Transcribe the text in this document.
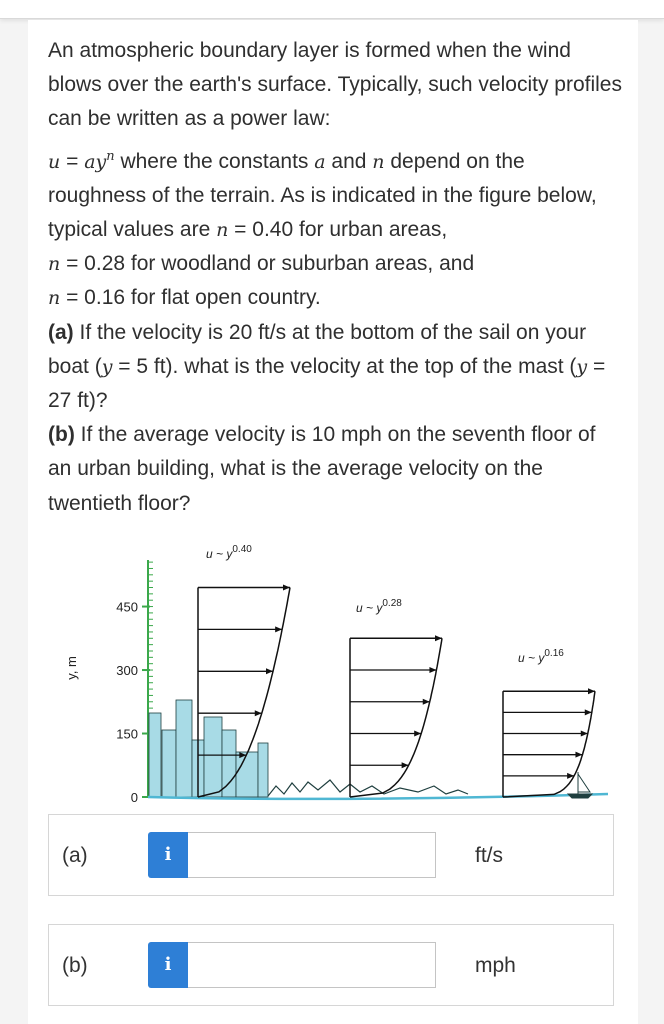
An atmospheric boundary layer is formed when the wind blows over the earth's surface. Typically, such velocity profiles can be written as a power law:
$u = ay^n$ where the constants a and n depend on the roughness of the terrain. As is indicated in the figure below, typical values are n = 0.40 for urban areas,
n = 0.28 for woodland or suburban areas, and
n = 0.16 for flat open country.
(a) If the velocity is 20 ft/s at the bottom of the sail on your boat (y = 5 ft). what is the velocity at the top of the mast (y = 27 ft)?
(b) If the average velocity is 10 mph on the seventh floor of an urban building, what is the average velocity on the twentieth floor?

y, m
450
300
150
0
u ~ $y^{0.40}$
u ~ $y^{0.28}$
u ~ $y^{0.16}$
(a)	i	ft/s
(b)	i	mph
